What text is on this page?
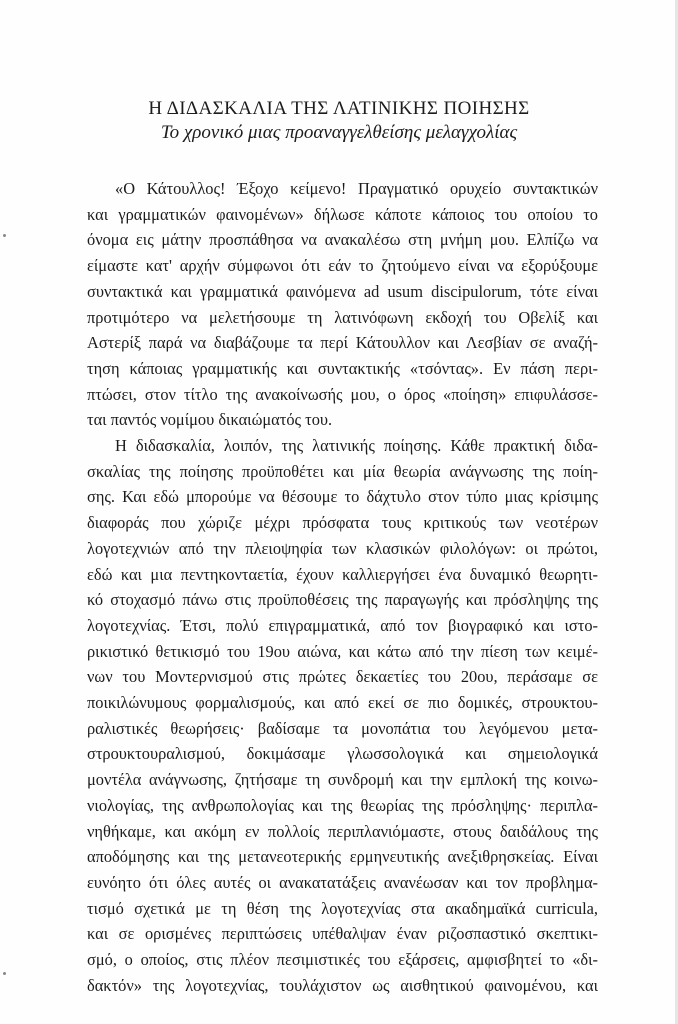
Η ΔΙΔΑΣΚΑΛΙΑ ΤΗΣ ΛΑΤΙΝΙΚΗΣ ΠΟΙΗΣΗΣ
Το χρονικό μιας προαναγγελθείσης μελαγχολίας
«Ο Κάτουλλος! Έξοχο κείμενο! Πραγματικό ορυχείο συντακτικών
και γραμματικών φαινομένων» δήλωσε κάποτε κάποιος του οποίου το
όνομα εις μάτην προσπάθησα να ανακαλέσω στη μνήμη μου. Ελπίζω να
είμαστε κατ' αρχήν σύμφωνοι ότι εάν το ζητούμενο είναι να εξορύξουμε
συντακτικά και γραμματικά φαινόμενα ad usum discipulorum, τότε είναι
προτιμότερο να μελετήσουμε τη λατινόφωνη εκδοχή του Οβελίξ και
Αστερίξ παρά να διαβάζουμε τα περί Κάτουλλον και Λεσβίαν σε αναζή-
τηση κάποιας γραμματικής και συντακτικής «τσόντας». Εν πάση περι-
πτώσει, στον τίτλο της ανακοίνωσής μου, ο όρος «ποίηση» επιφυλάσσε-
ται παντός νομίμου δικαιώματός του.
Η διδασκαλία, λοιπόν, της λατινικής ποίησης. Κάθε πρακτική διδα-
σκαλίας της ποίησης προϋποθέτει και μία θεωρία ανάγνωσης της ποίη-
σης. Και εδώ μπορούμε να θέσουμε το δάχτυλο στον τύπο μιας κρίσιμης
διαφοράς που χώριζε μέχρι πρόσφατα τους κριτικούς των νεοτέρων
λογοτεχνιών από την πλειοψηφία των κλασικών φιλολόγων: οι πρώτοι,
εδώ και μια πεντηκονταετία, έχουν καλλιεργήσει ένα δυναμικό θεωρητι-
κό στοχασμό πάνω στις προϋποθέσεις της παραγωγής και πρόσληψης της
λογοτεχνίας. Έτσι, πολύ επιγραμματικά, από τον βιογραφικό και ιστο-
ρικιστικό θετικισμό του 19ου αιώνα, και κάτω από την πίεση των κειμέ-
νων του Μοντερνισμού στις πρώτες δεκαετίες του 20ου, περάσαμε σε
ποικιλώνυμους φορμαλισμούς, και από εκεί σε πιο δομικές, στρουκτου-
ραλιστικές θεωρήσεις· βαδίσαμε τα μονοπάτια του λεγόμενου μετα-
στρουκτουραλισμού, δοκιμάσαμε γλωσσολογικά και σημειολογικά
μοντέλα ανάγνωσης, ζητήσαμε τη συνδρομή και την εμπλοκή της κοινω-
νιολογίας, της ανθρωπολογίας και της θεωρίας της πρόσληψης· περιπλα-
νηθήκαμε, και ακόμη εν πολλοίς περιπλανιόμαστε, στους δαιδάλους της
αποδόμησης και της μετανεοτερικής ερμηνευτικής ανεξιθρησκείας. Είναι
ευνόητο ότι όλες αυτές οι ανακατατάξεις ανανέωσαν και τον προβλημα-
τισμό σχετικά με τη θέση της λογοτεχνίας στα ακαδημαϊκά curricula,
και σε ορισμένες περιπτώσεις υπέθαλψαν έναν ριζοσπαστικό σκεπτικι-
σμό, ο οποίος, στις πλέον πεσιμιστικές του εξάρσεις, αμφισβητεί το «δι-
δακτόν» της λογοτεχνίας, τουλάχιστον ως αισθητικού φαινομένου, και
